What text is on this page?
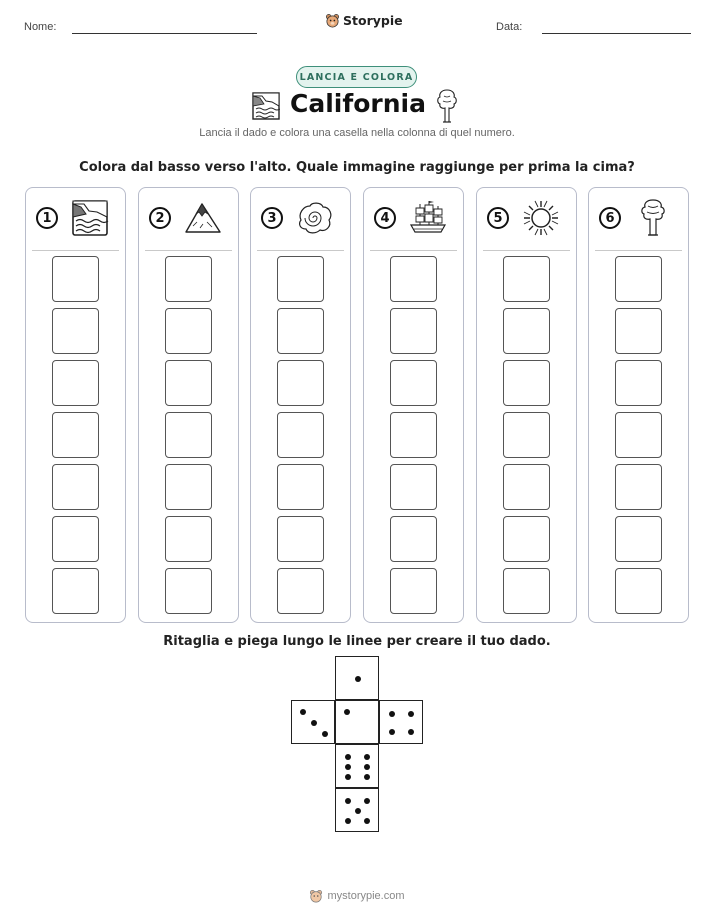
Nome:	Storypie	Data:
LANCIA E COLORA
California
Lancia il dado e colora una casella nella colonna di quel numero.
Colora dal basso verso l'alto. Quale immagine raggiunge per prima la cima?
1	2	3	4	5	6
Ritaglia e piega lungo le linee per creare il tuo dado.
mystorypie.com
